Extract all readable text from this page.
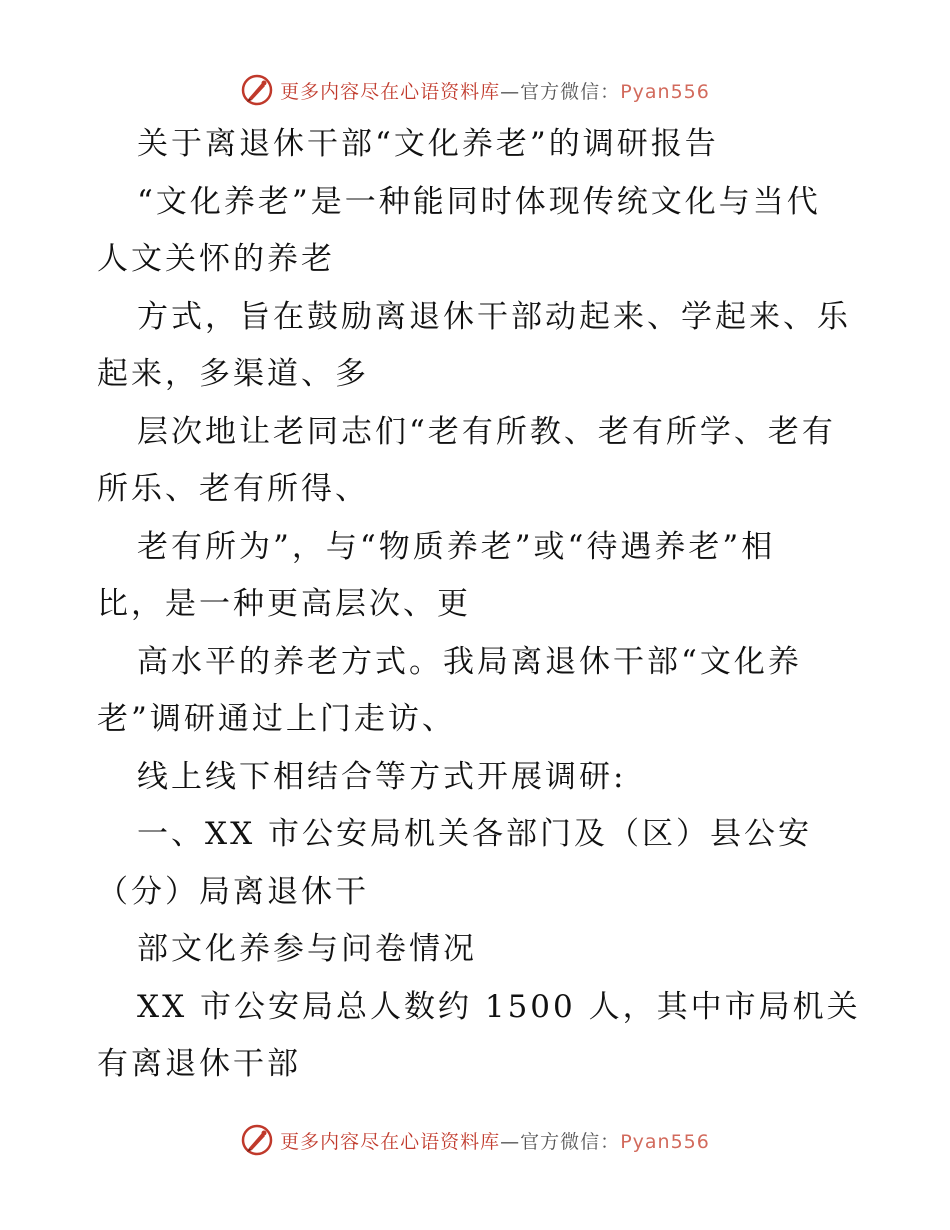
更多内容尽在心语资料库—官方微信：Pyan556
关于离退休干部“文化养老”的调研报告
“文化养老”是一种能同时体现传统文化与当代
人文关怀的养老
方式，旨在鼓励离退休干部动起来、学起来、乐
起来，多渠道、多
层次地让老同志们“老有所教、老有所学、老有
所乐、老有所得、
老有所为”，与“物质养老”或“待遇养老”相
比，是一种更高层次、更
高水平的养老方式。我局离退休干部“文化养
老”调研通过上门走访、
线上线下相结合等方式开展调研:
一、XX 市公安局机关各部门及（区）县公安
（分）局离退休干
部文化养参与问卷情况
XX 市公安局总人数约 1500 人，其中市局机关
有离退休干部
更多内容尽在心语资料库—官方微信：Pyan556
